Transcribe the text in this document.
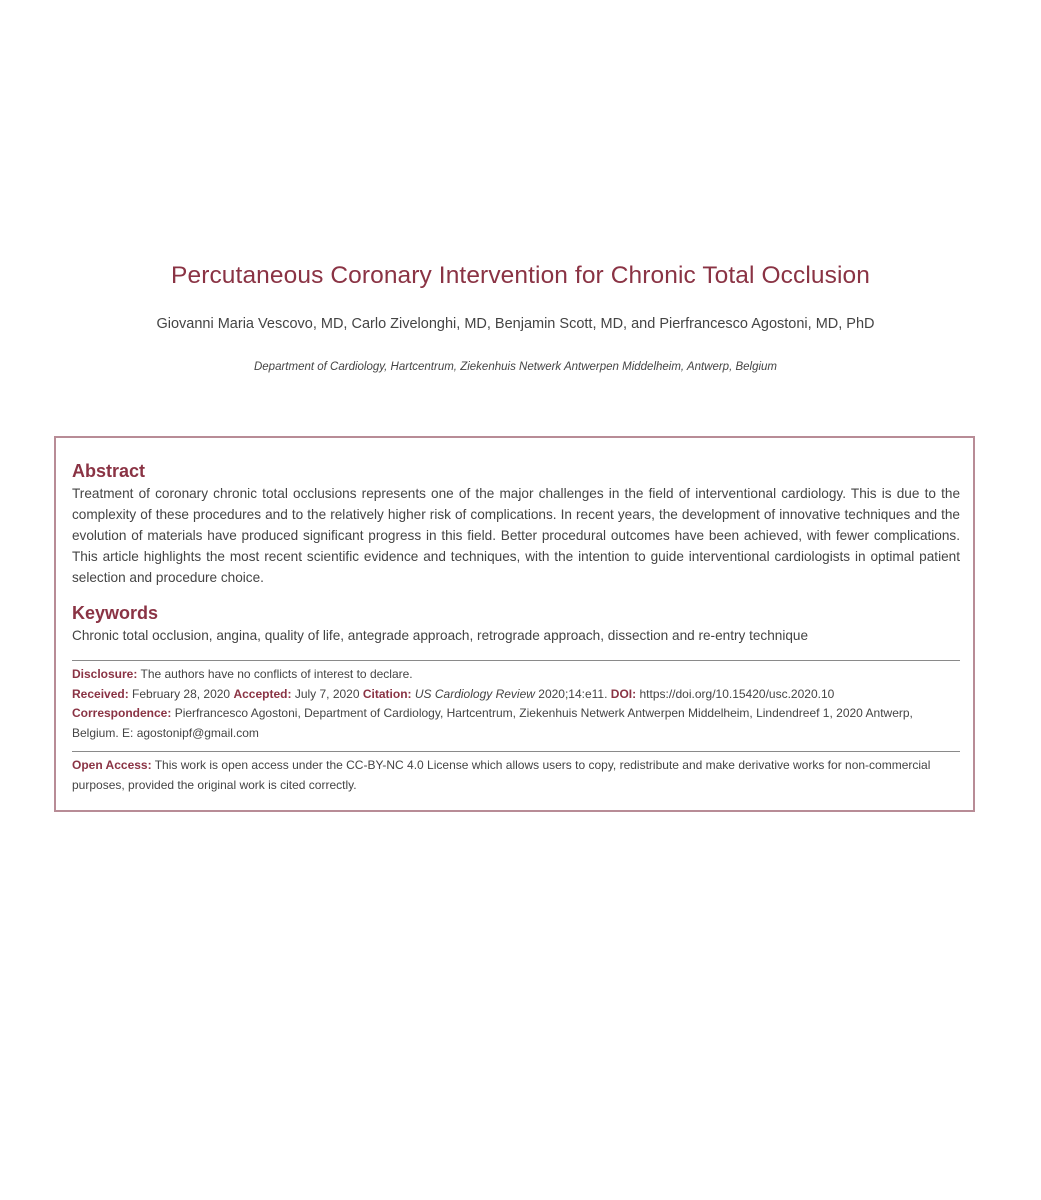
Percutaneous Coronary Intervention for Chronic Total Occlusion
Giovanni Maria Vescovo, MD, Carlo Zivelonghi, MD, Benjamin Scott, MD, and Pierfrancesco Agostoni, MD, PhD
Department of Cardiology, Hartcentrum, Ziekenhuis Netwerk Antwerpen Middelheim, Antwerp, Belgium
Abstract

Treatment of coronary chronic total occlusions represents one of the major challenges in the field of interventional cardiology. This is due to the complexity of these procedures and to the relatively higher risk of complications. In recent years, the development of innovative techniques and the evolution of materials have produced significant progress in this field. Better procedural outcomes have been achieved, with fewer complications. This article highlights the most recent scientific evidence and techniques, with the intention to guide interventional cardiologists in optimal patient selection and procedure choice.

Keywords

Chronic total occlusion, angina, quality of life, antegrade approach, retrograde approach, dissection and re-entry technique

Disclosure: The authors have no conflicts of interest to declare.
Received: February 28, 2020 Accepted: July 7, 2020 Citation: US Cardiology Review 2020;14:e11. DOI: https://doi.org/10.15420/usc.2020.10
Correspondence: Pierfrancesco Agostoni, Department of Cardiology, Hartcentrum, Ziekenhuis Netwerk Antwerpen Middelheim, Lindendreef 1, 2020 Antwerp, Belgium. E: agostonipf@gmail.com
Open Access: This work is open access under the CC-BY-NC 4.0 License which allows users to copy, redistribute and make derivative works for non-commercial purposes, provided the original work is cited correctly.
